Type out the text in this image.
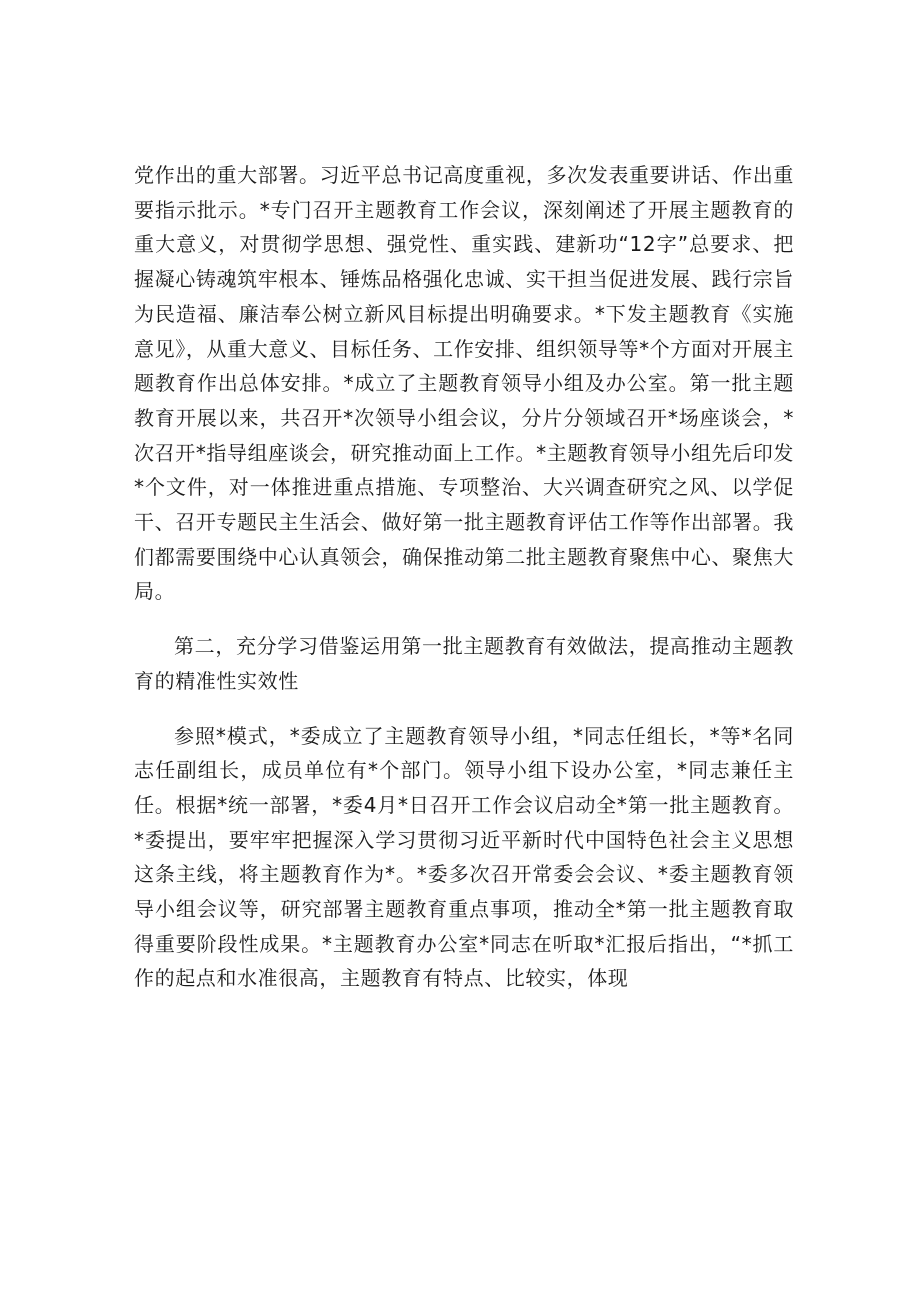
党作出的重大部署。习近平总书记高度重视，多次发表重要讲话、作出重要指示批示。*专门召开主题教育工作会议，深刻阐述了开展主题教育的重大意义，对贯彻学思想、强党性、重实践、建新功“12字”总要求、把握凝心铸魂筑牢根本、锤炼品格强化忠诚、实干担当促进发展、践行宗旨为民造福、廉洁奉公树立新风目标提出明确要求。*下发主题教育《实施意见》，从重大意义、目标任务、工作安排、组织领导等*个方面对开展主题教育作出总体安排。*成立了主题教育领导小组及办公室。第一批主题教育开展以来，共召开*次领导小组会议，分片分领域召开*场座谈会，*次召开*指导组座谈会，研究推动面上工作。*主题教育领导小组先后印发*个文件，对一体推进重点措施、专项整治、大兴调查研究之风、以学促干、召开专题民主生活会、做好第一批主题教育评估工作等作出部署。我们都需要围绕中心认真领会，确保推动第二批主题教育聚焦中心、聚焦大局。

第二，充分学习借鉴运用第一批主题教育有效做法，提高推动主题教育的精准性实效性

参照*模式，*委成立了主题教育领导小组，*同志任组长，*等*名同志任副组长，成员单位有*个部门。领导小组下设办公室，*同志兼任主任。根据*统一部署，*委4月*日召开工作会议启动全*第一批主题教育。*委提出，要牢牢把握深入学习贯彻习近平新时代中国特色社会主义思想这条主线，将主题教育作为*。*委多次召开常委会会议、*委主题教育领导小组会议等，研究部署主题教育重点事项，推动全*第一批主题教育取得重要阶段性成果。*主题教育办公室*同志在听取*汇报后指出，“*抓工作的起点和水准很高，主题教育有特点、比较实，体现
